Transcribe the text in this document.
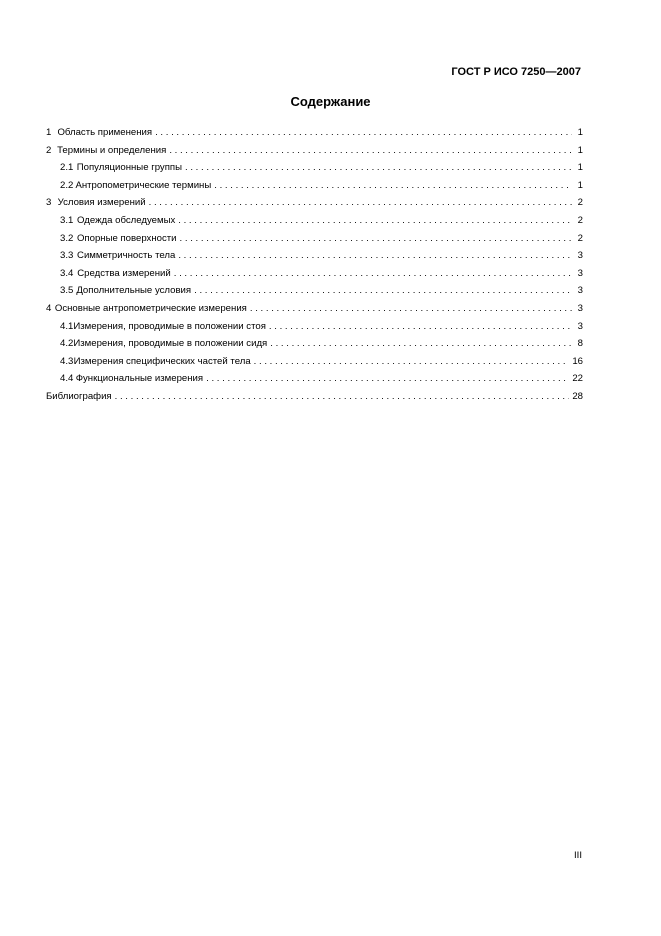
ГОСТ Р ИСО 7250—2007
Содержание
1 Область применения . . .	1
2 Термины и определения . . .	1
2.1 Популяционные группы . . .	1
2.2 Антропометрические термины . . .	1
3 Условия измерений . . .	2
3.1 Одежда обследуемых . . .	2
3.2 Опорные поверхности . . .	2
3.3 Симметричность тела . . .	3
3.4 Средства измерений . . .	3
3.5 Дополнительные условия . . .	3
4 Основные антропометрические измерения . . .	3
4.1 Измерения, проводимые в положении стоя . . .	3
4.2 Измерения, проводимые в положении сидя . . .	8
4.3 Измерения специфических частей тела . . .	16
4.4 Функциональные измерения . . .	22
Библиография . . .	28
III
